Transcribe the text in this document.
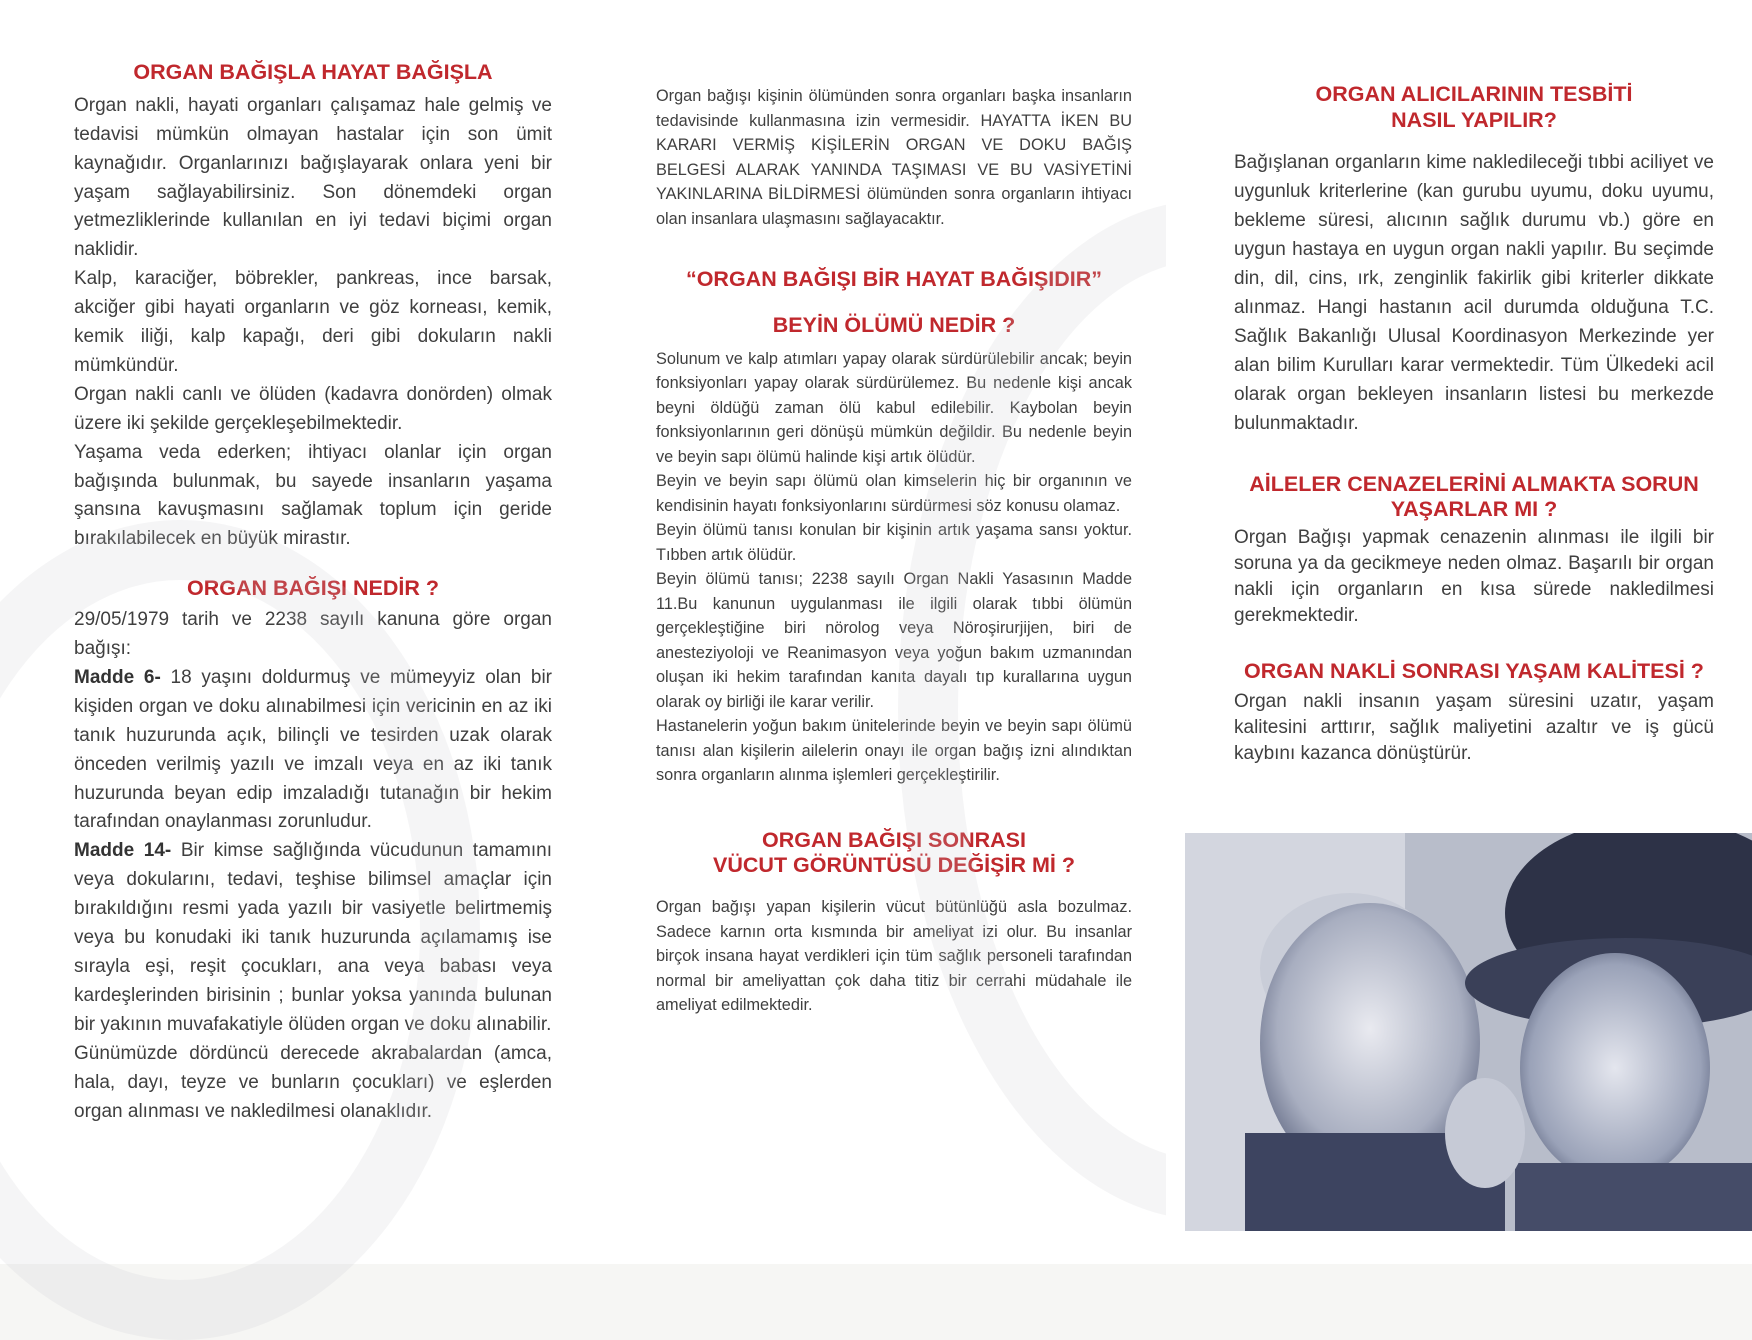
ORGAN BAĞIŞLA HAYAT BAĞIŞLA

Organ nakli, hayati organları çalışamaz hale gelmiş ve tedavisi mümkün olmayan hastalar için son ümit kaynağıdır. Organlarınızı bağışlayarak onlara yeni bir yaşam sağlayabilirsiniz. Son dönemdeki organ yetmezliklerinde kullanılan en iyi tedavi biçimi organ naklidir.

Kalp, karaciğer, böbrekler, pankreas, ince barsak, akciğer gibi hayati organların ve göz korneası, kemik, kemik iliği, kalp kapağı, deri gibi dokuların nakli mümkündür.

Organ nakli canlı ve ölüden (kadavra donörden) olmak üzere iki şekilde gerçekleşebilmektedir.

Yaşama veda ederken; ihtiyacı olanlar için organ bağışında bulunmak, bu sayede insanların yaşama şansına kavuşmasını sağlamak toplum için geride bırakılabilecek en büyük mirastır.

ORGAN BAĞIŞI NEDİR ?

29/05/1979 tarih ve 2238 sayılı kanuna göre organ bağışı:

Madde 6- 18 yaşını doldurmuş ve mümeyyiz olan bir kişiden organ ve doku alınabilmesi için vericinin en az iki tanık huzurunda açık, bilinçli ve tesirden uzak olarak önceden verilmiş yazılı ve imzalı veya en az iki tanık huzurunda beyan edip imzaladığı tutanağın bir hekim tarafından onaylanması zorunludur.

Madde 14- Bir kimse sağlığında vücudunun tamamını veya dokularını, tedavi, teşhise bilimsel amaçlar için bırakıldığını resmi yada yazılı bir vasiyetle belirtmemiş veya bu konudaki iki tanık huzurunda açılamamış ise sırayla eşi, reşit çocukları, ana veya babası veya kardeşlerinden birisinin ; bunlar yoksa yanında bulunan bir yakının muvafakatiyle ölüden organ ve doku alınabilir.

Günümüzde dördüncü derecede akrabalardan (amca, hala, dayı, teyze ve bunların çocukları) ve eşlerden organ alınması ve nakledilmesi olanaklıdır.

Organ bağışı kişinin ölümünden sonra organları başka insanların tedavisinde kullanmasına izin vermesidir. HAYATTA İKEN BU KARARI VERMİŞ KİŞİLERİN ORGAN VE DOKU BAĞIŞ BELGESİ ALARAK YANINDA TAŞIMASI VE BU VASİYETİNİ YAKINLARINA BİLDİRMESİ ölümünden sonra organların ihtiyacı olan insanlara ulaşmasını sağlayacaktır.

“ORGAN BAĞIŞI BİR HAYAT BAĞIŞIDIR”
BEYİN ÖLÜMÜ NEDİR ?

Solunum ve kalp atımları yapay olarak sürdürülebilir ancak; beyin fonksiyonları yapay olarak sürdürülemez. Bu nedenle kişi ancak beyni öldüğü zaman ölü kabul edilebilir. Kaybolan beyin fonksiyonlarının geri dönüşü mümkün değildir. Bu nedenle beyin ve beyin sapı ölümü halinde kişi artık ölüdür.

Beyin ve beyin sapı ölümü olan kimselerin hiç bir organının ve kendisinin hayatı fonksiyonlarını sürdürmesi söz konusu olamaz.

Beyin ölümü tanısı konulan bir kişinin artık yaşama sansı yoktur. Tıbben artık ölüdür.

Beyin ölümü tanısı; 2238 sayılı Organ Nakli Yasasının Madde 11.Bu kanunun uygulanması ile ilgili olarak tıbbi ölümün gerçekleştiğine biri nörolog veya Nöroşirurjijen, biri de anesteziyoloji ve Reanimasyon veya yoğun bakım uzmanından oluşan iki hekim tarafından kanıta dayalı tıp kurallarına uygun olarak oy birliği ile karar verilir.

Hastanelerin yoğun bakım ünitelerinde beyin ve beyin sapı ölümü tanısı alan kişilerin ailelerin onayı ile organ bağış izni alındıktan sonra organların alınma işlemleri gerçekleştirilir.

ORGAN BAĞIŞI SONRASI
VÜCUT GÖRÜNTÜSÜ DEĞİŞİR Mİ ?

Organ bağışı yapan kişilerin vücut bütünlüğü asla bozulmaz. Sadece karnın orta kısmında bir ameliyat izi olur. Bu insanlar birçok insana hayat verdikleri için tüm sağlık personeli tarafından normal bir ameliyattan çok daha titiz bir cerrahi müdahale ile ameliyat edilmektedir.

ORGAN ALICILARININ TESBİTİ
NASIL YAPILIR?

Bağışlanan organların kime nakledileceği tıbbi aciliyet ve uygunluk kriterlerine (kan gurubu uyumu, doku uyumu, bekleme süresi, alıcının sağlık durumu vb.) göre en uygun hastaya en uygun organ nakli yapılır. Bu seçimde din, dil, cins, ırk, zenginlik fakirlik gibi kriterler dikkate alınmaz. Hangi hastanın acil durumda olduğuna T.C. Sağlık Bakanlığı Ulusal Koordinasyon Merkezinde yer alan bilim Kurulları karar vermektedir. Tüm Ülkedeki acil olarak organ bekleyen insanların listesi bu merkezde bulunmaktadır.

AİLELER CENAZELERİNİ ALMAKTA SORUN
YAŞARLAR MI ?

Organ Bağışı yapmak cenazenin alınması ile ilgili bir soruna ya da gecikmeye neden olmaz. Başarılı bir organ nakli için organların en kısa sürede nakledilmesi gerekmektedir.

ORGAN NAKLİ SONRASI YAŞAM KALİTESİ ?

Organ nakli insanın yaşam süresini uzatır, yaşam kalitesini arttırır, sağlık maliyetini azaltır ve iş gücü kaybını kazanca dönüştürür.
